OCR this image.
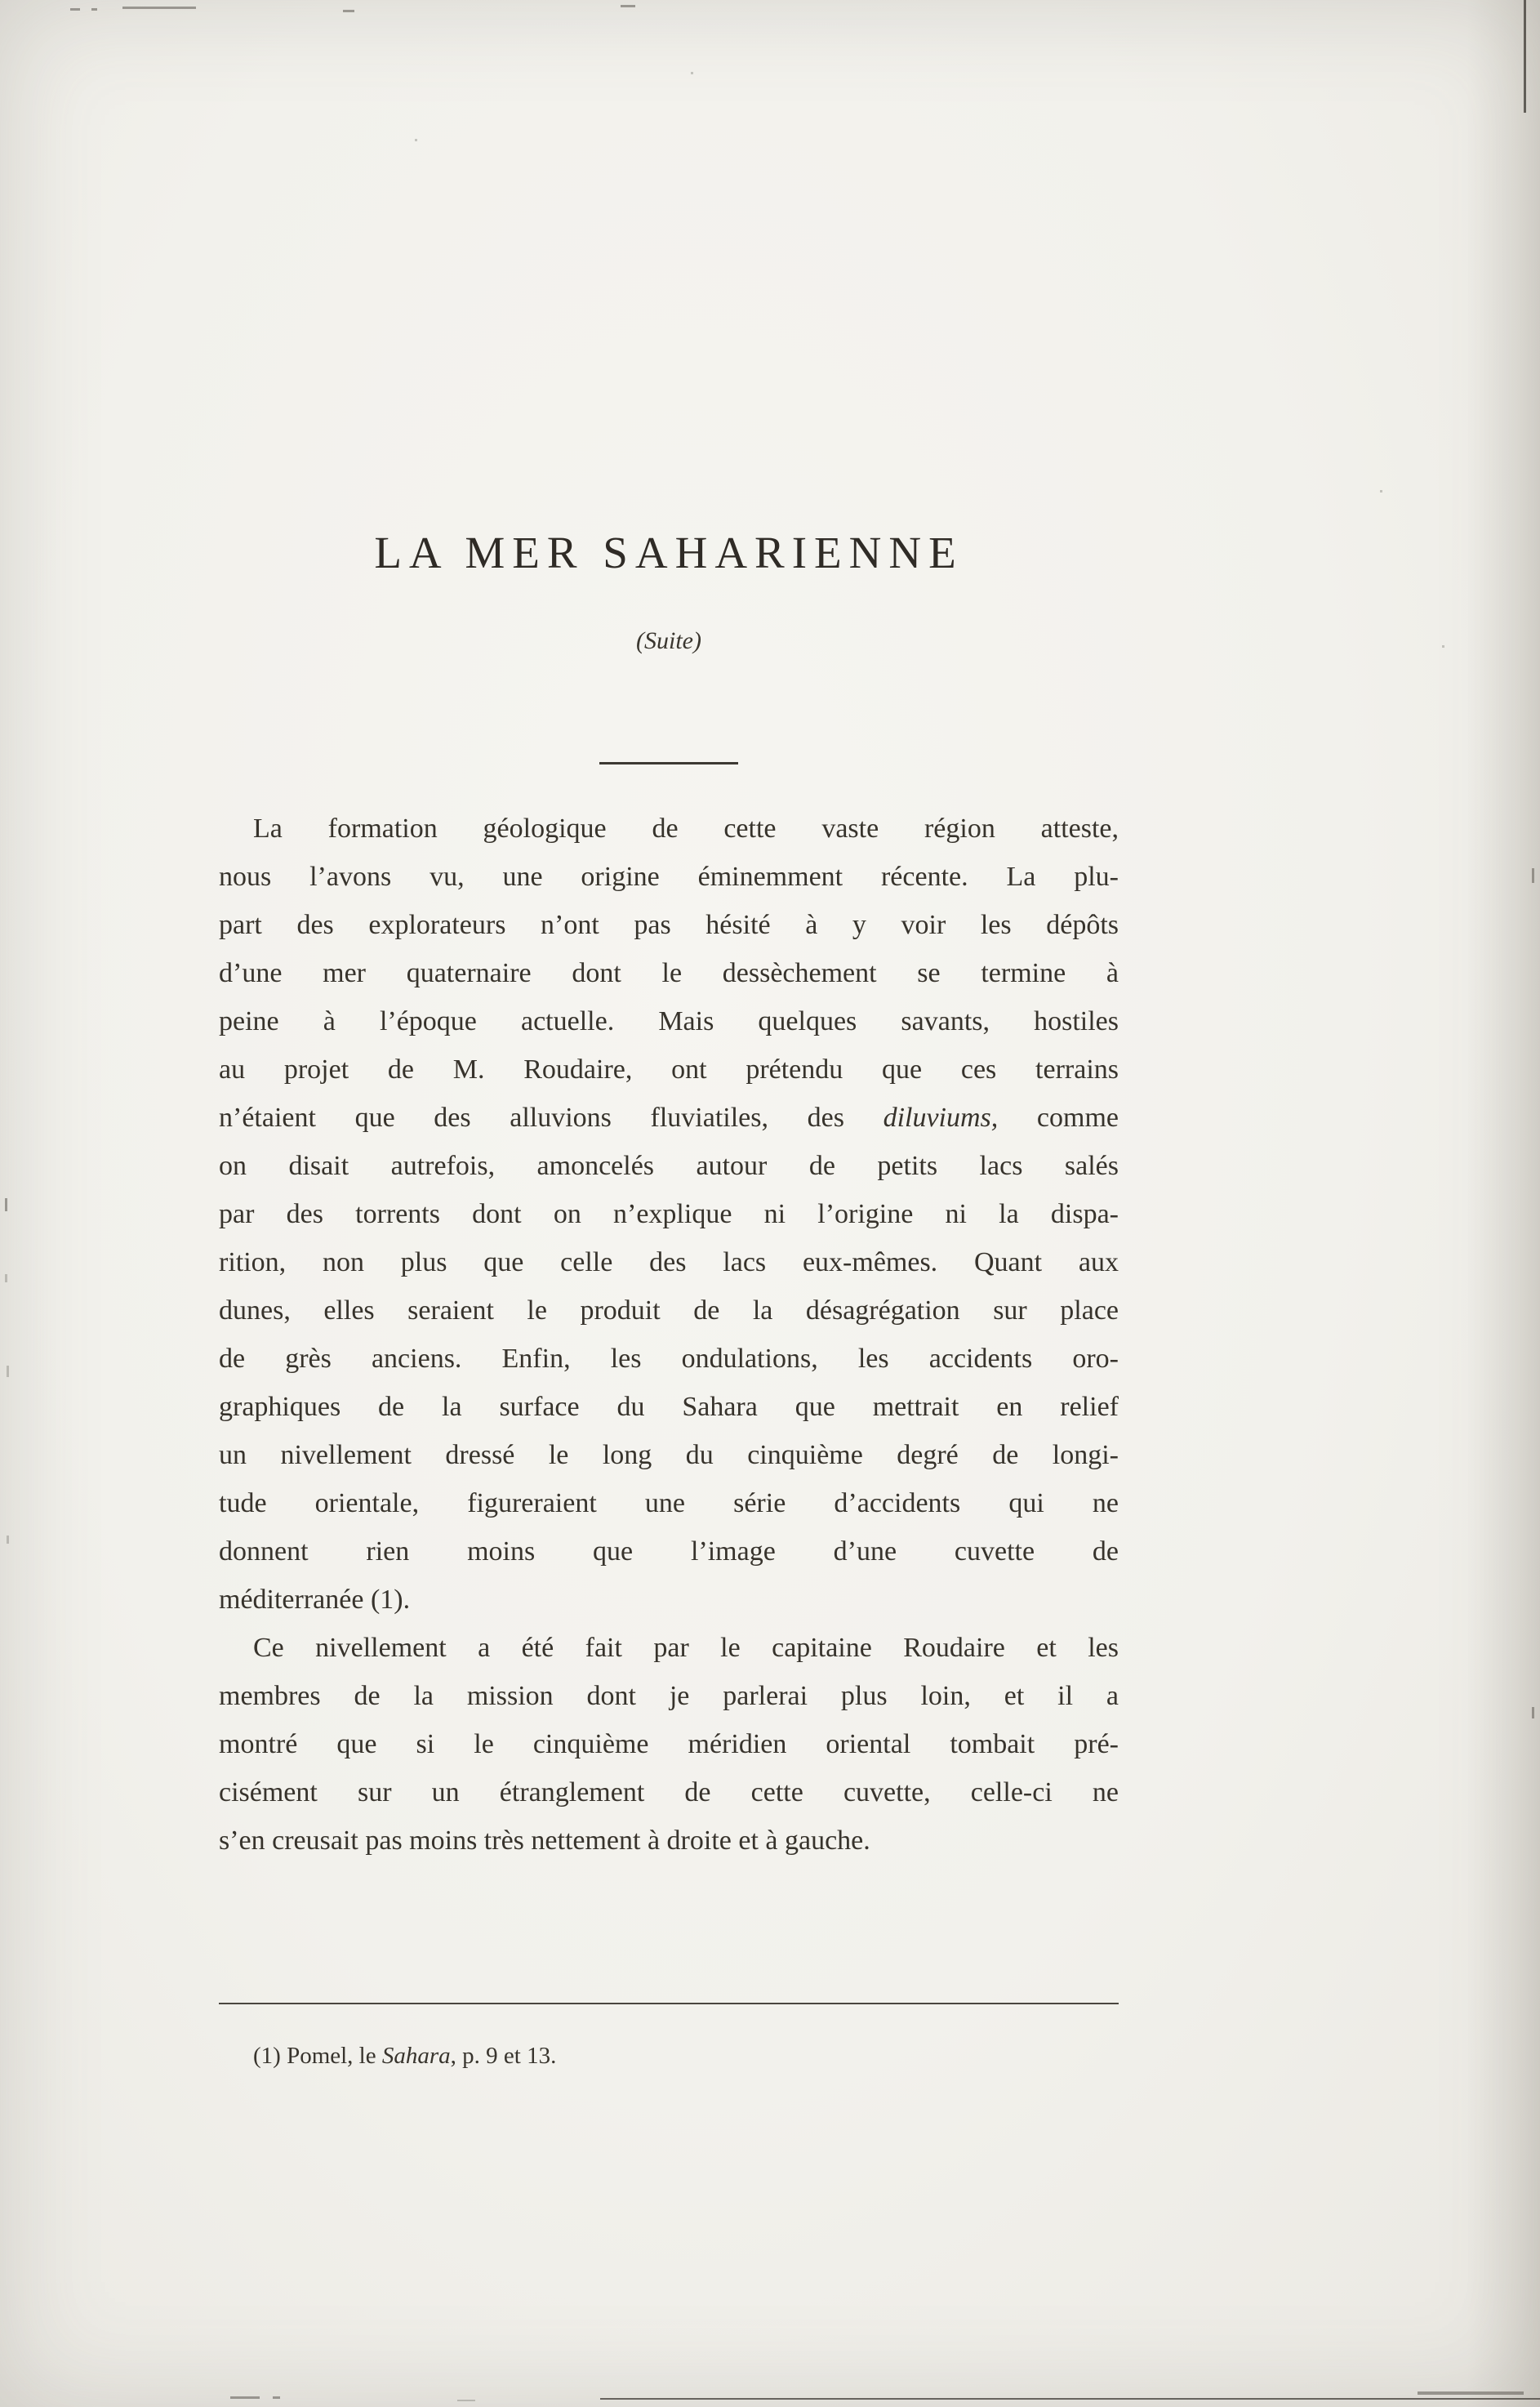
LA MER SAHARIENNE
(Suite)
La formation géologique de cette vaste région atteste,
nous l’avons vu, une origine éminemment récente. La plu-
part des explorateurs n’ont pas hésité à y voir les dépôts
d’une mer quaternaire dont le dessèchement se termine à
peine à l’époque actuelle. Mais quelques savants, hostiles
au projet de M. Roudaire, ont prétendu que ces terrains
n’étaient que des alluvions fluviatiles, des diluviums, comme
on disait autrefois, amoncelés autour de petits lacs salés
par des torrents dont on n’explique ni l’origine ni la dispa-
rition, non plus que celle des lacs eux-mêmes. Quant aux
dunes, elles seraient le produit de la désagrégation sur place
de grès anciens. Enfin, les ondulations, les accidents oro-
graphiques de la surface du Sahara que mettrait en relief
un nivellement dressé le long du cinquième degré de longi-
tude orientale, figureraient une série d’accidents qui ne
donnent rien moins que l’image d’une cuvette de
méditerranée (1).
Ce nivellement a été fait par le capitaine Roudaire et les
membres de la mission dont je parlerai plus loin, et il a
montré que si le cinquième méridien oriental tombait pré-
cisément sur un étranglement de cette cuvette, celle-ci ne
s’en creusait pas moins très nettement à droite et à gauche.
(1) Pomel, le Sahara, p. 9 et 13.
